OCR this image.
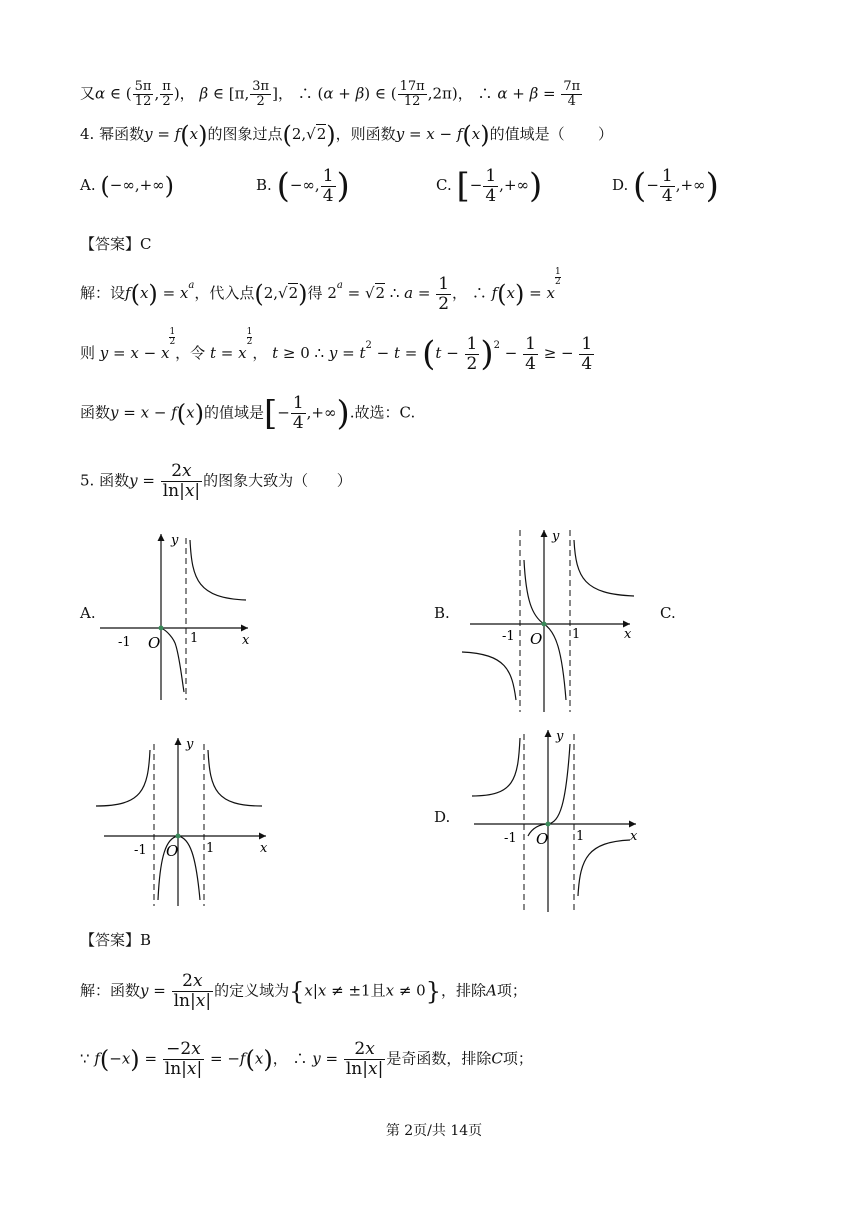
又α ∈ ( $\frac{5\pi}{12}$ , $\frac{\pi}{2}$ )， β ∈ [π, $\frac{3\pi}{2}$ ]， ∴ (α + β) ∈ ( $\frac{17\pi}{12} ,2\pi$)， ∴ $\alpha + \beta = \frac{7\pi}{4}$
4. 幂函数y = f(x)的图象过点(2,√2)，则函数y = x − f(x)的值域是（ ）
A. (−∞,+∞)	B. (−∞, $\frac{1}{4}$ )	C. [− $\frac{1}{4}$ ,+∞)	D. (− $\frac{1}{4}$ ,+∞)
【答案】C
解：设$f(x) = x^a$，代入点(2,√2)得 $2^a = √2$ ∴ $a = \frac{1}{2}$ ， ∴ f(x) = x
$\frac{1}{2}$
则 y = x − x
$\frac{1}{2}$，令 t = x
$\frac{1}{2}$， t ≥ 0 ∴ $y = t^2 - t = (t - \frac{1}{2} )^2 - \frac{1}{4}$ ≥ − $\frac{1}{4}$
函数y = x − f(x)的值域是[− $\frac{1}{4}$ ,+∞).故选：C.
5. 函数$y = \frac{2x}{\ln|x|}$ 的图象大致为（ ）
A.	B.	C.
D.
y
x
O
-1	1
y
x
O
-1	1
y
x
O
-1	1
y
x
O
-1	1
【答案】B
解：函数$y = \frac{2x}{\ln|x|}$ 的定义域为{x|x ≠ ±1且x ≠ 0}，排除A项；
∵ $f(-x) = \frac{-2x}{\ln|x|} = -f(x)$， ∴ $y = \frac{2x}{\ln|x|}$ 是奇函数，排除C项；
第 2页/共 14页
